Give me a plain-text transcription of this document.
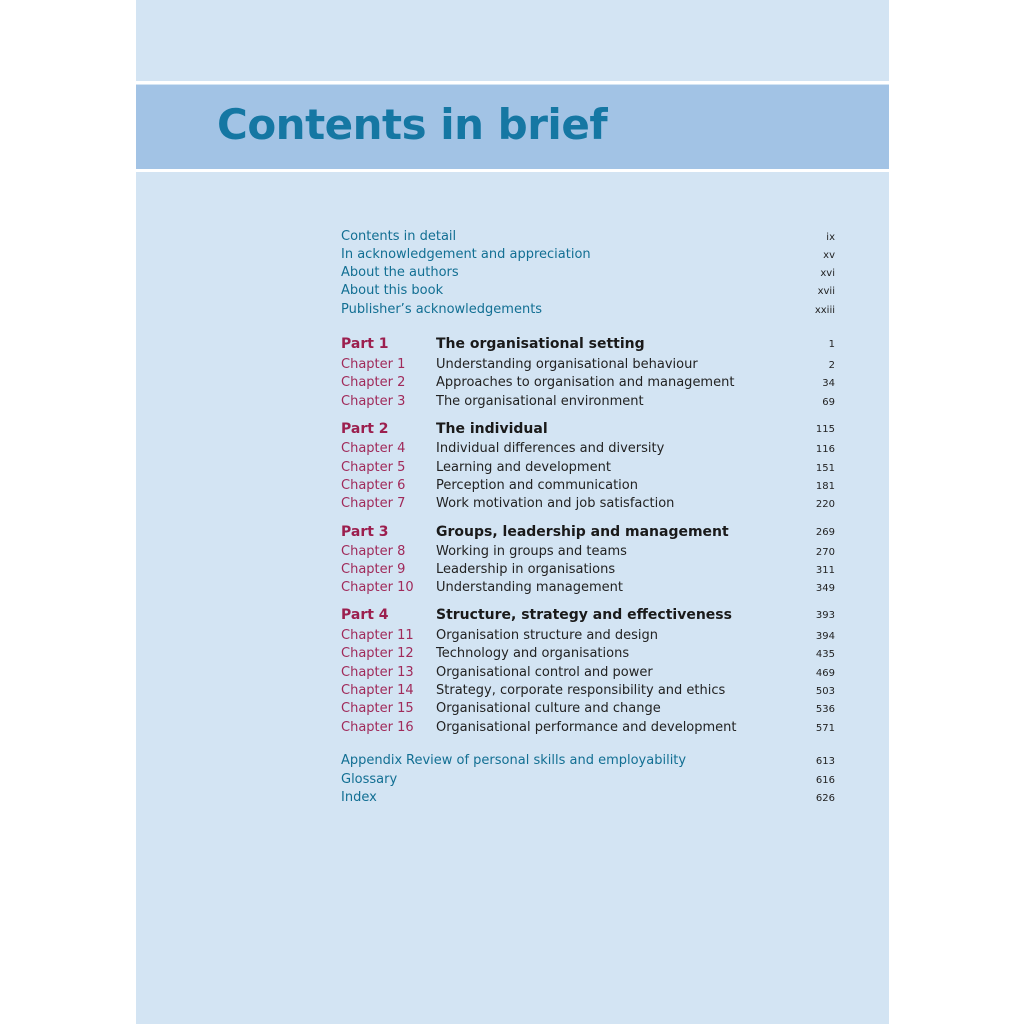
Contents in brief
Contents in detail	ix
In acknowledgement and appreciation	xv
About the authors	xvi
About this book	xvii
Publisher’s acknowledgements	xxiii
Part 1	The organisational setting	1
Chapter 1 Understanding organisational behaviour	2
Chapter 2 Approaches to organisation and management	34
Chapter 3 The organisational environment	69
Part 2	The individual	115
Chapter 4 Individual differences and diversity	116
Chapter 5 Learning and development	151
Chapter 6 Perception and communication	181
Chapter 7 Work motivation and job satisfaction	220
Part 3	Groups, leadership and management	269
Chapter 8 Working in groups and teams	270
Chapter 9 Leadership in organisations	311
Chapter 10 Understanding management	349
Part 4	Structure, strategy and effectiveness	393
Chapter 11 Organisation structure and design	394
Chapter 12 Technology and organisations	435
Chapter 13 Organisational control and power	469
Chapter 14 Strategy, corporate responsibility and ethics	503
Chapter 15 Organisational culture and change	536
Chapter 16 Organisational performance and development	571
Appendix Review of personal skills and employability	613
Glossary	616
Index	626
